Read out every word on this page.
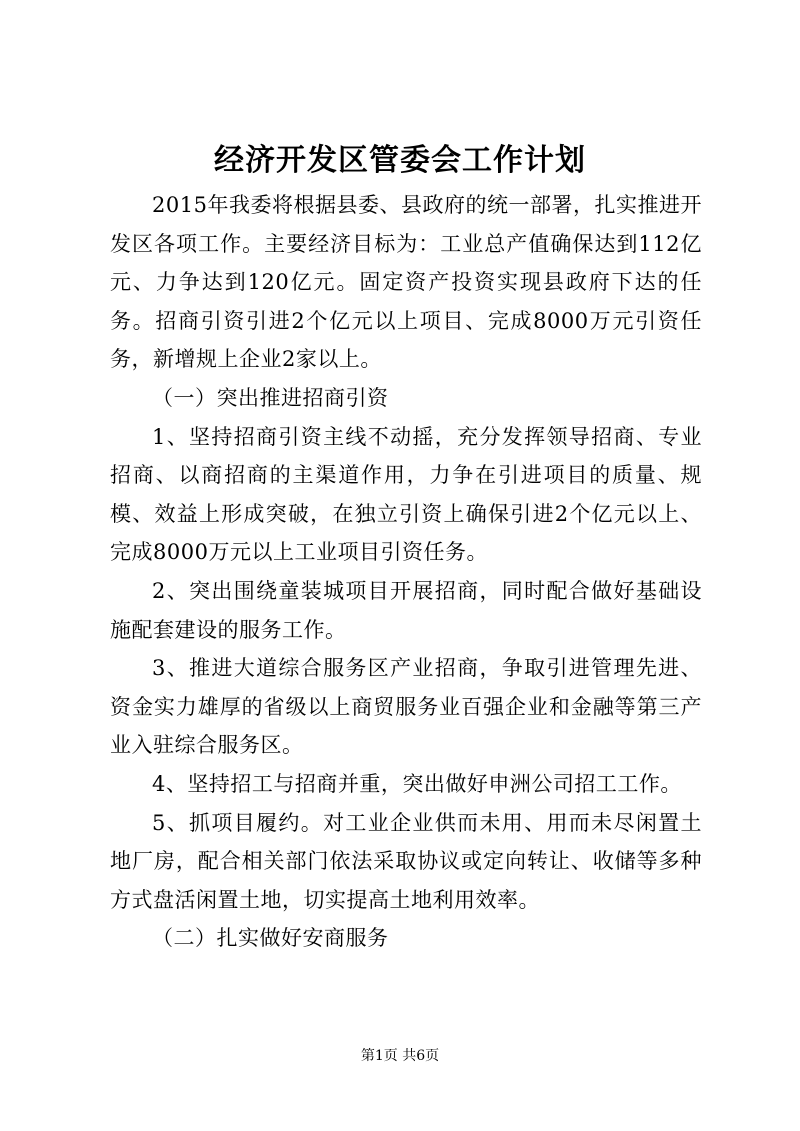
经济开发区管委会工作计划

2015年我委将根据县委、县政府的统一部署，扎实推进开发区各项工作。主要经济目标为：工业总产值确保达到112亿元、力争达到120亿元。固定资产投资实现县政府下达的任务。招商引资引进2个亿元以上项目、完成8000万元引资任务，新增规上企业2家以上。

（一）突出推进招商引资

1、坚持招商引资主线不动摇，充分发挥领导招商、专业招商、以商招商的主渠道作用，力争在引进项目的质量、规模、效益上形成突破，在独立引资上确保引进2个亿元以上、完成8000万元以上工业项目引资任务。

2、突出围绕童装城项目开展招商，同时配合做好基础设施配套建设的服务工作。

3、推进大道综合服务区产业招商，争取引进管理先进、资金实力雄厚的省级以上商贸服务业百强企业和金融等第三产业入驻综合服务区。

4、坚持招工与招商并重，突出做好申洲公司招工工作。

5、抓项目履约。对工业企业供而未用、用而未尽闲置土地厂房，配合相关部门依法采取协议或定向转让、收储等多种方式盘活闲置土地，切实提高土地利用效率。

（二）扎实做好安商服务

第1页 共6页
